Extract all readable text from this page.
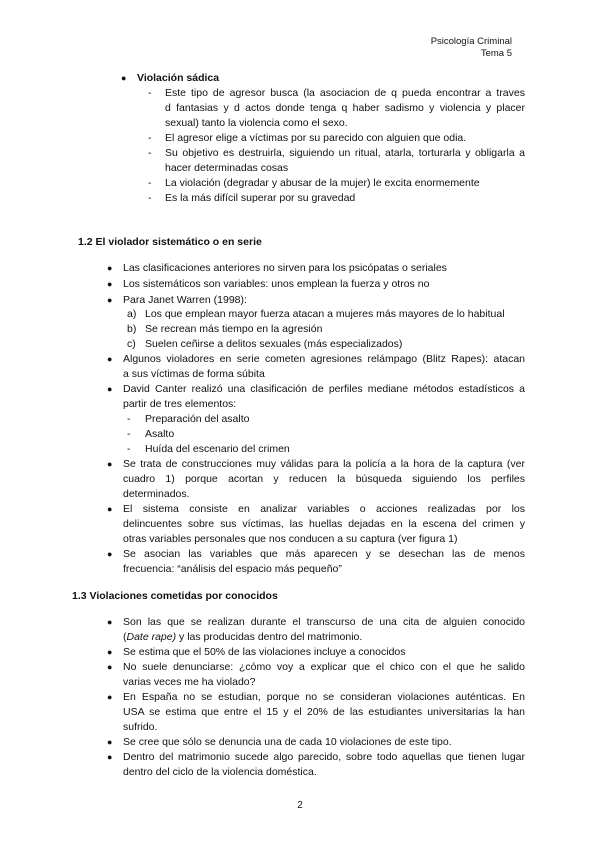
Psicología Criminal
Tema 5
● Violación sádica
- Este tipo de agresor busca (la asociacion de q pueda encontrar a traves
d fantasias y d actos donde tenga q haber sadismo y violencia y placer
sexual) tanto la violencia como el sexo.
- El agresor elige a víctimas por su parecido con alguien que odia.
- Su objetivo es destruirla, siguiendo un ritual, atarla, torturarla y obligarla a
hacer determinadas cosas
- La violación (degradar y abusar de la mujer) le excita enormemente
- Es la más difícil superar por su gravedad
1.2 El violador sistemático o en serie
● Las clasificaciones anteriores no sirven para los psicópatas o seriales
● Los sistemáticos son variables: unos emplean la fuerza y otros no
● Para Janet Warren (1998):
a) Los que emplean mayor fuerza atacan a mujeres más mayores de lo habitual
b) Se recrean más tiempo en la agresión
c) Suelen ceñirse a delitos sexuales (más especializados)
● Algunos violadores en serie cometen agresiones relámpago (Blitz Rapes): atacan
a sus víctimas de forma súbita
● David Canter realizó una clasificación de perfiles mediane métodos estadísticos a
partir de tres elementos:
- Preparación del asalto
- Asalto
- Huída del escenario del crimen
● Se trata de construcciones muy válidas para la policía a la hora de la captura (ver
cuadro 1) porque acortan y reducen la búsqueda siguiendo los perfiles
determinados.
● El sistema consiste en analizar variables o acciones realizadas por los
delincuentes sobre sus víctimas, las huellas dejadas en la escena del crimen y
otras variables personales que nos conducen a su captura (ver figura 1)
● Se asocian las variables que más aparecen y se desechan las de menos
frecuencia: “análisis del espacio más pequeño”
1.3 Violaciones cometidas por conocidos
● Son las que se realizan durante el transcurso de una cita de alguien conocido
(Date rape) y las producidas dentro del matrimonio.
● Se estima que el 50% de las violaciones incluye a conocidos
● No suele denunciarse: ¿cómo voy a explicar que el chico con el que he salido
varias veces me ha violado?
● En España no se estudian, porque no se consideran violaciones auténticas. En
USA se estima que entre el 15 y el 20% de las estudiantes universitarias la han
sufrido.
● Se cree que sólo se denuncia una de cada 10 violaciones de este tipo.
● Dentro del matrimonio sucede algo parecido, sobre todo aquellas que tienen lugar
dentro del ciclo de la violencia doméstica.
2
